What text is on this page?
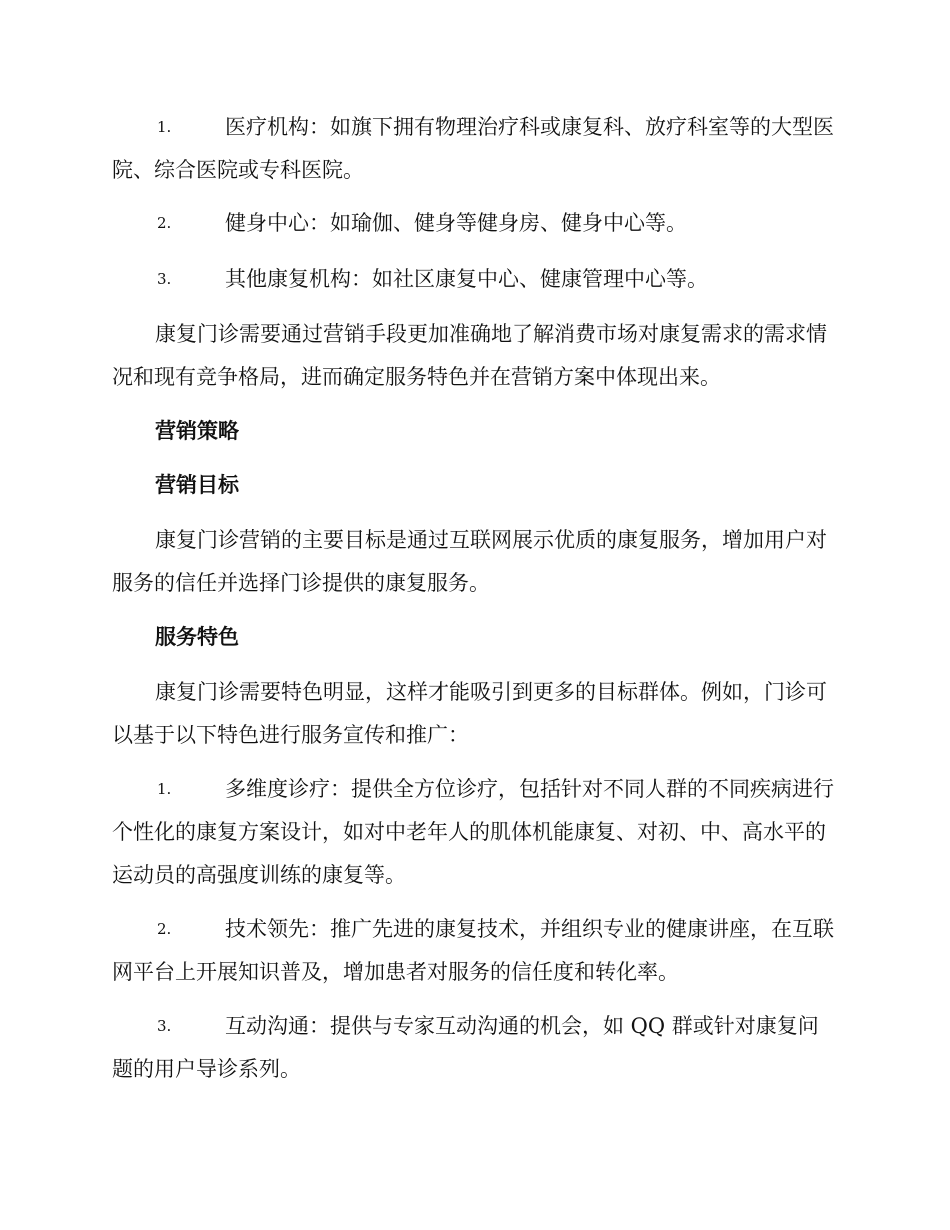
1.	医疗机构：如旗下拥有物理治疗科或康复科、放疗科室等的大型医院、综合医院或专科医院。

2.	健身中心：如瑜伽、健身等健身房、健身中心等。

3.	其他康复机构：如社区康复中心、健康管理中心等。

康复门诊需要通过营销手段更加准确地了解消费市场对康复需求的需求情况和现有竞争格局，进而确定服务特色并在营销方案中体现出来。

营销策略
营销目标

康复门诊营销的主要目标是通过互联网展示优质的康复服务，增加用户对服务的信任并选择门诊提供的康复服务。

服务特色

康复门诊需要特色明显，这样才能吸引到更多的目标群体。例如，门诊可以基于以下特色进行服务宣传和推广：

1.	多维度诊疗：提供全方位诊疗，包括针对不同人群的不同疾病进行个性化的康复方案设计，如对中老年人的肌体机能康复、对初、中、高水平的运动员的高强度训练的康复等。

2.	技术领先：推广先进的康复技术，并组织专业的健康讲座，在互联网平台上开展知识普及，增加患者对服务的信任度和转化率。

3.	互动沟通：提供与专家互动沟通的机会，如 QQ 群或针对康复问题的用户导诊系列。
